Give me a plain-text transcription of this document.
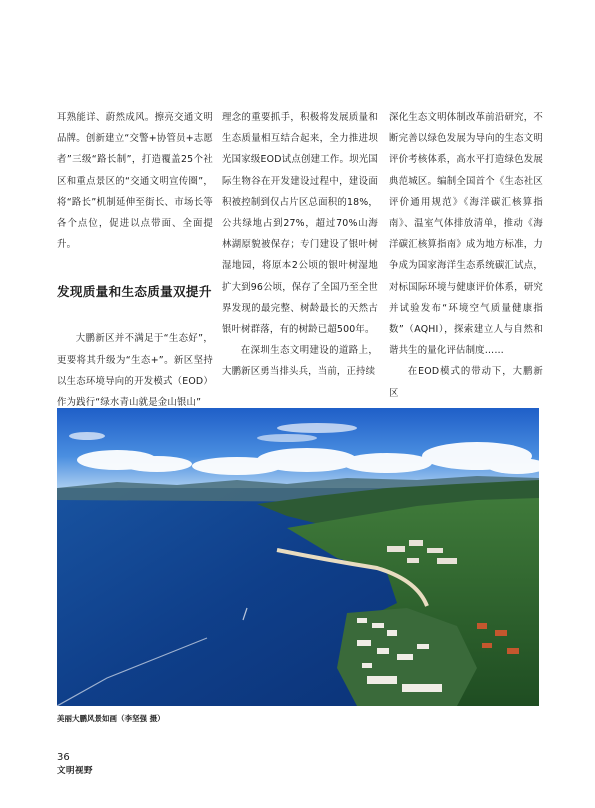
耳熟能详、蔚然成风。擦亮交通文明品牌。创新建立“交警+协管员+志愿者”三级“路长制”，打造覆盖25个社区和重点景区的“交通文明宣传圈”，将“路长”机制延伸至街长、市场长等各个点位，促进以点带面、全面提升。

发现质量和生态质量双提升

大鹏新区并不满足于“生态好”，更要将其升级为“生态+”。新区坚持以生态环境导向的开发模式（EOD）作为践行“绿水青山就是金山银山”

理念的重要抓手，积极将发展质量和生态质量相互结合起来，全力推进坝光国家级EOD试点创建工作。坝光国际生物谷在开发建设过程中，建设面积被控制到仅占片区总面积的18%，公共绿地占到27%，超过70%山海林湖原貌被保存；专门建设了银叶树湿地园，将原本2公顷的银叶树湿地扩大到96公顷，保存了全国乃至全世界发现的最完整、树龄最长的天然古银叶树群落，有的树龄已超500年。

在深圳生态文明建设的道路上，大鹏新区勇当排头兵，当前，正持续

深化生态文明体制改革前沿研究，不断完善以绿色发展为导向的生态文明评价考核体系，高水平打造绿色发展典范城区。编制全国首个《生态社区评价通用规范》《海洋碳汇核算指南》、温室气体排放清单，推动《海洋碳汇核算指南》成为地方标准，力争成为国家海洋生态系统碳汇试点，对标国际环境与健康评价体系，研究并试验发布“环境空气质量健康指数”（AQHI），探索建立人与自然和谐共生的量化评估制度……

在EOD模式的带动下，大鹏新区

美丽大鹏风景如画（李坚强 摄）
36
文明视野
